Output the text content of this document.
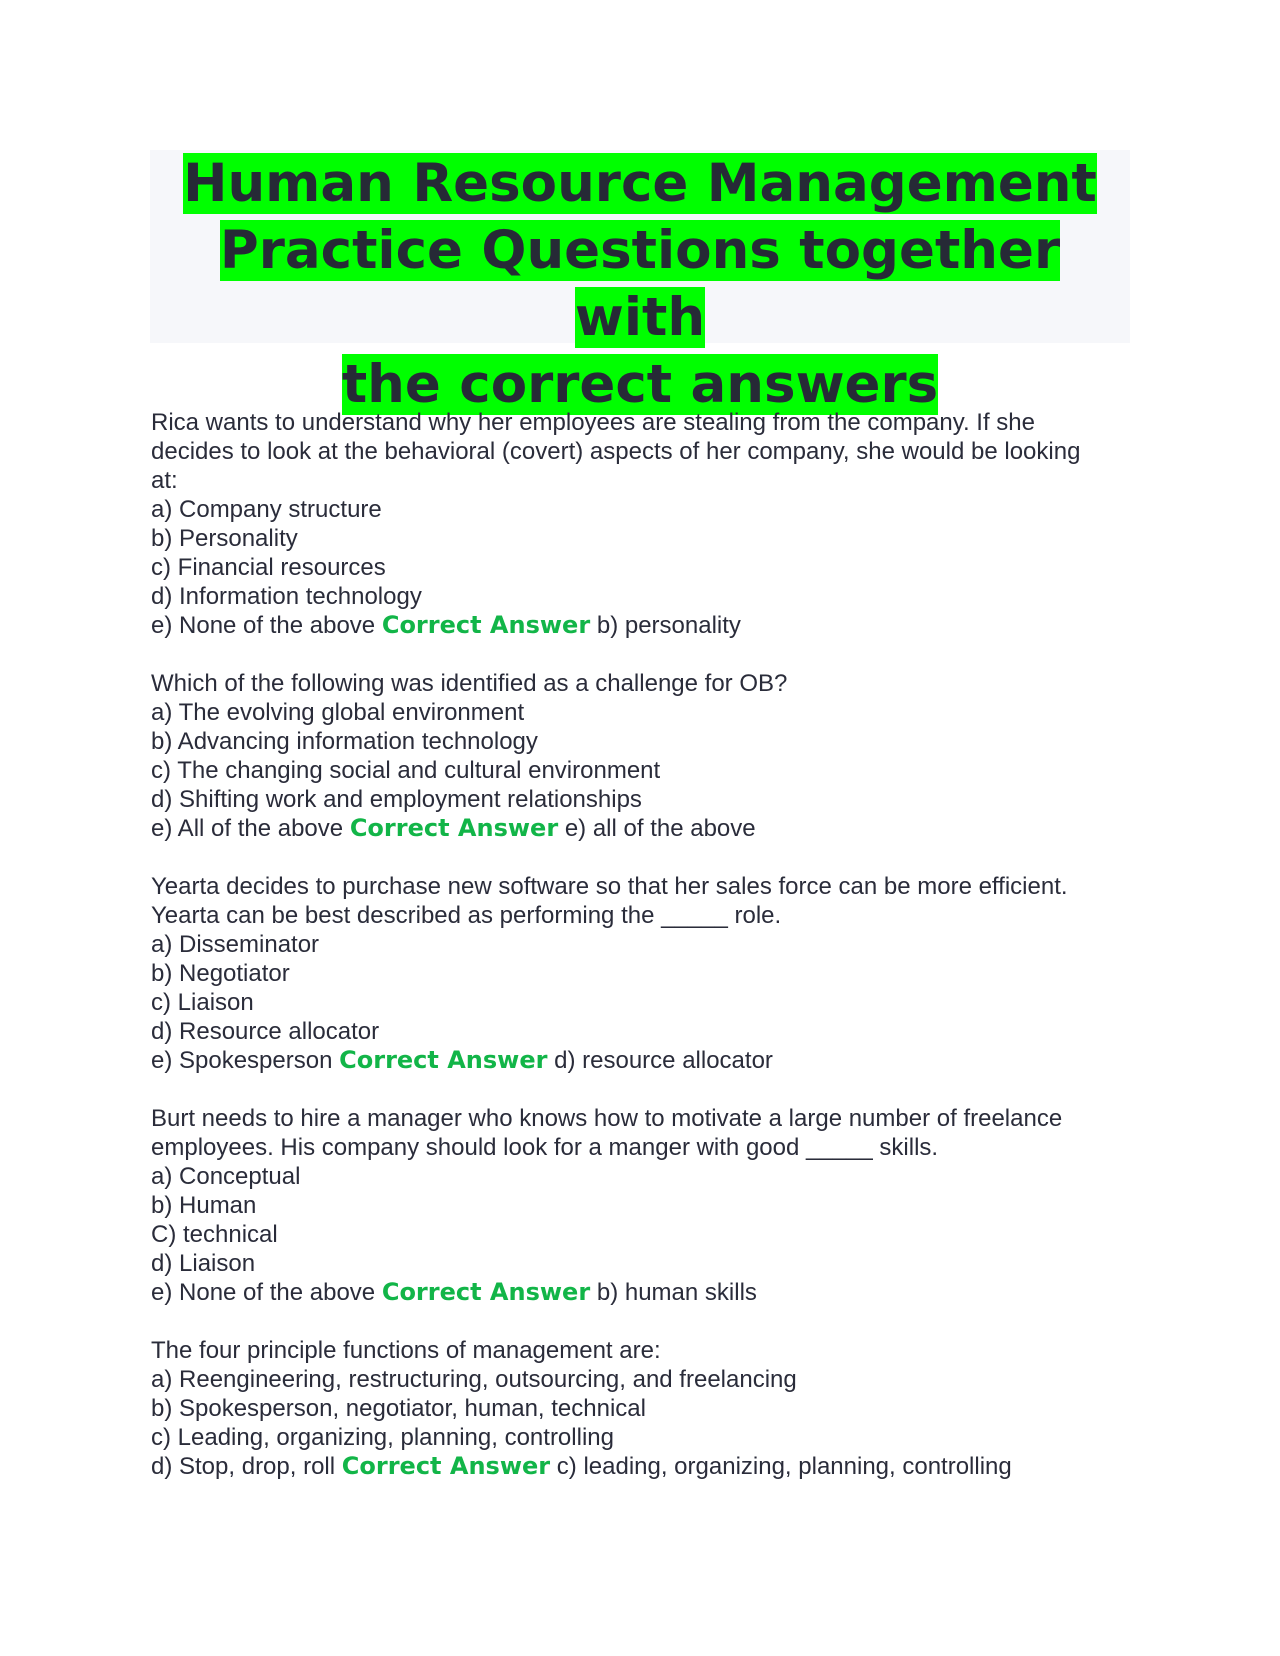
Human Resource Management
Practice Questions together with
the correct answers

Rica wants to understand why her employees are stealing from the company. If she
decides to look at the behavioral (covert) aspects of her company, she would be looking
at:

a) Company structure

b) Personality

c) Financial resources

d) Information technology

e) None of the above Correct Answer b) personality

Which of the following was identified as a challenge for OB?

a) The evolving global environment

b) Advancing information technology

c) The changing social and cultural environment

d) Shifting work and employment relationships

e) All of the above Correct Answer e) all of the above

Yearta decides to purchase new software so that her sales force can be more efficient.
Yearta can be best described as performing the _____ role.

a) Disseminator

b) Negotiator

c) Liaison

d) Resource allocator

e) Spokesperson Correct Answer d) resource allocator

Burt needs to hire a manager who knows how to motivate a large number of freelance
employees. His company should look for a manger with good _____ skills.

a) Conceptual

b) Human

C) technical

d) Liaison

e) None of the above Correct Answer b) human skills

The four principle functions of management are:

a) Reengineering, restructuring, outsourcing, and freelancing

b) Spokesperson, negotiator, human, technical

c) Leading, organizing, planning, controlling

d) Stop, drop, roll Correct Answer c) leading, organizing, planning, controlling
